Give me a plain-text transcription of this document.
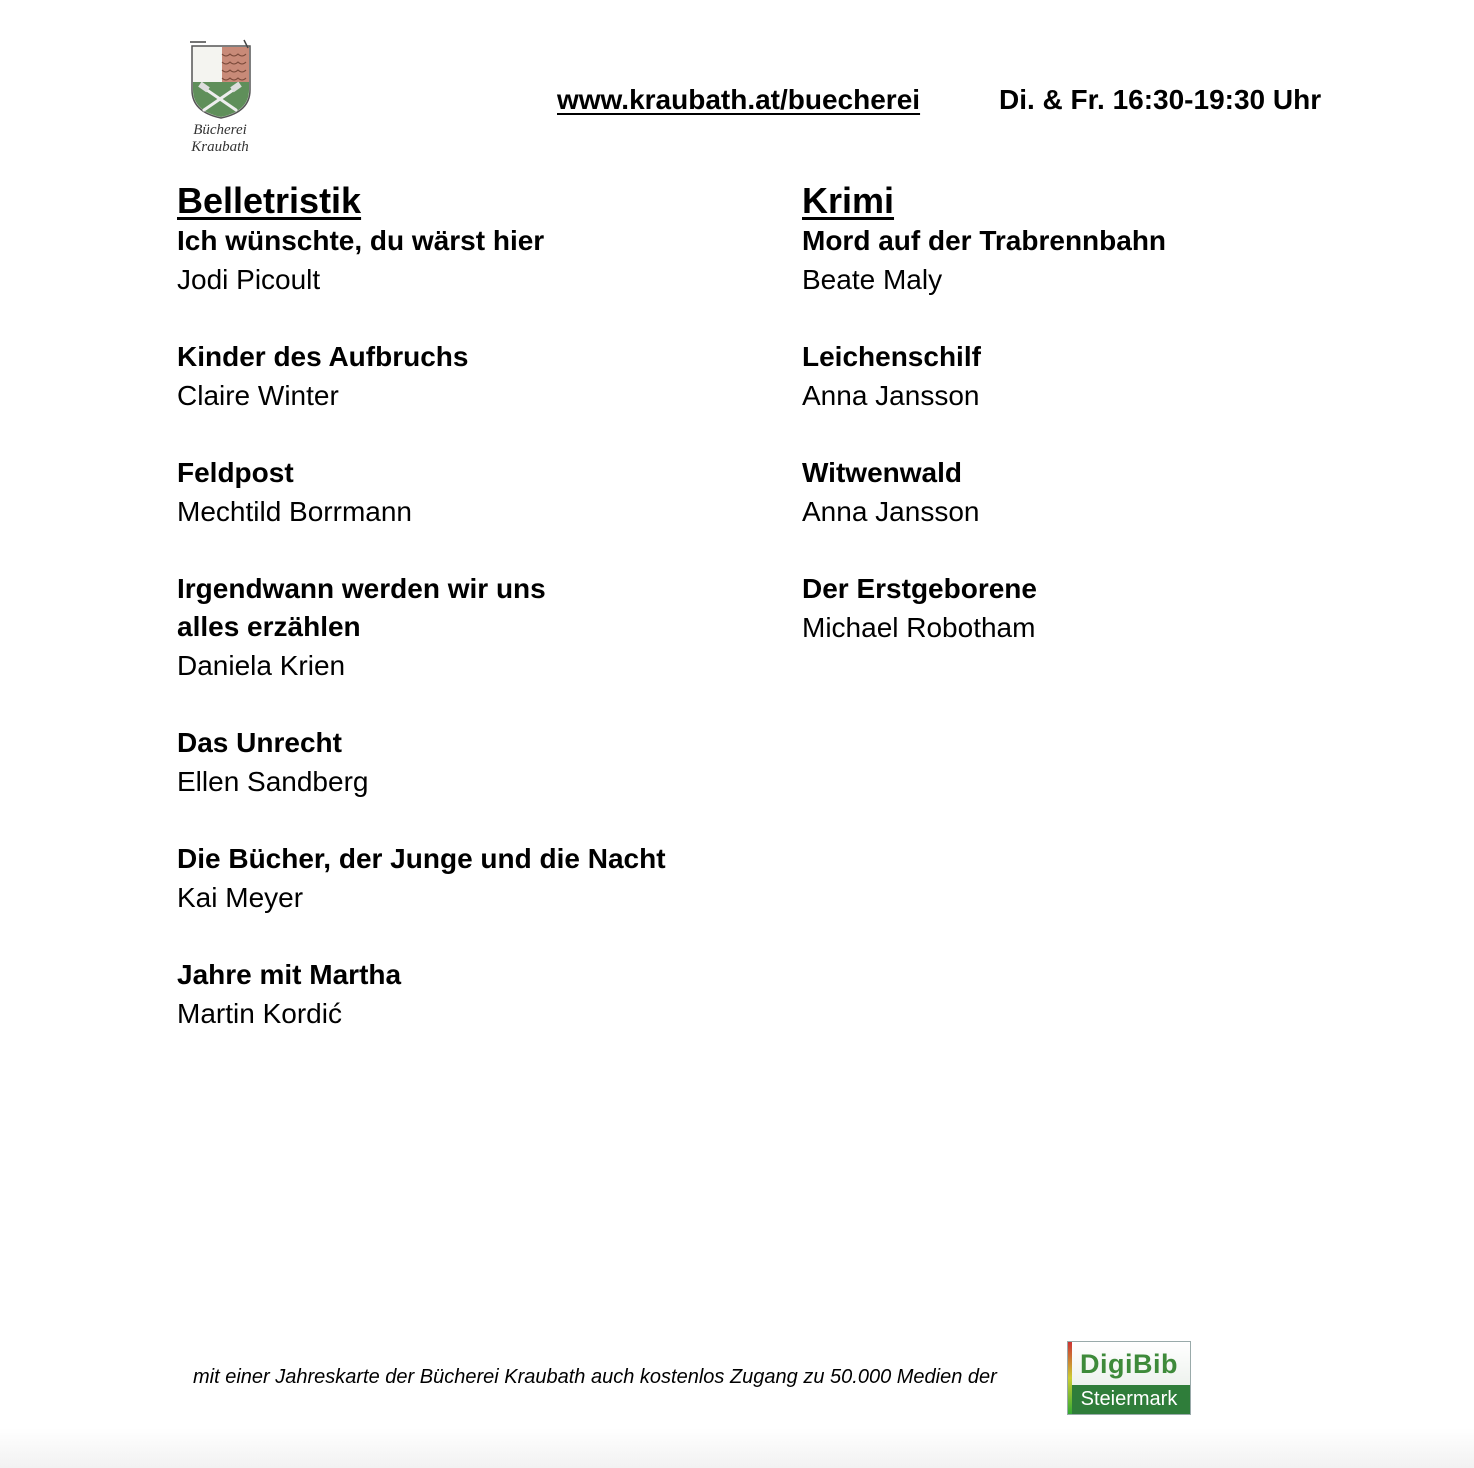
Bücherei
Kraubath
www.kraubath.at/buecherei	Di. & Fr. 16:30-19:30 Uhr
Belletristik

Ich wünschte, du wärst hier

Jodi Picoult

Kinder des Aufbruchs

Claire Winter

Feldpost

Mechtild Borrmann

Irgendwann werden wir uns alles erzählen

Daniela Krien

Das Unrecht

Ellen Sandberg

Die Bücher, der Junge und die Nacht

Kai Meyer

Jahre mit Martha

Martin Kordić

Krimi

Mord auf der Trabrennbahn

Beate Maly

Leichenschilf

Anna Jansson

Witwenwald

Anna Jansson

Der Erstgeborene

Michael Robotham

mit einer Jahreskarte der Bücherei Kraubath auch kostenlos Zugang zu 50.000 Medien der	DigiBib
Steiermark
